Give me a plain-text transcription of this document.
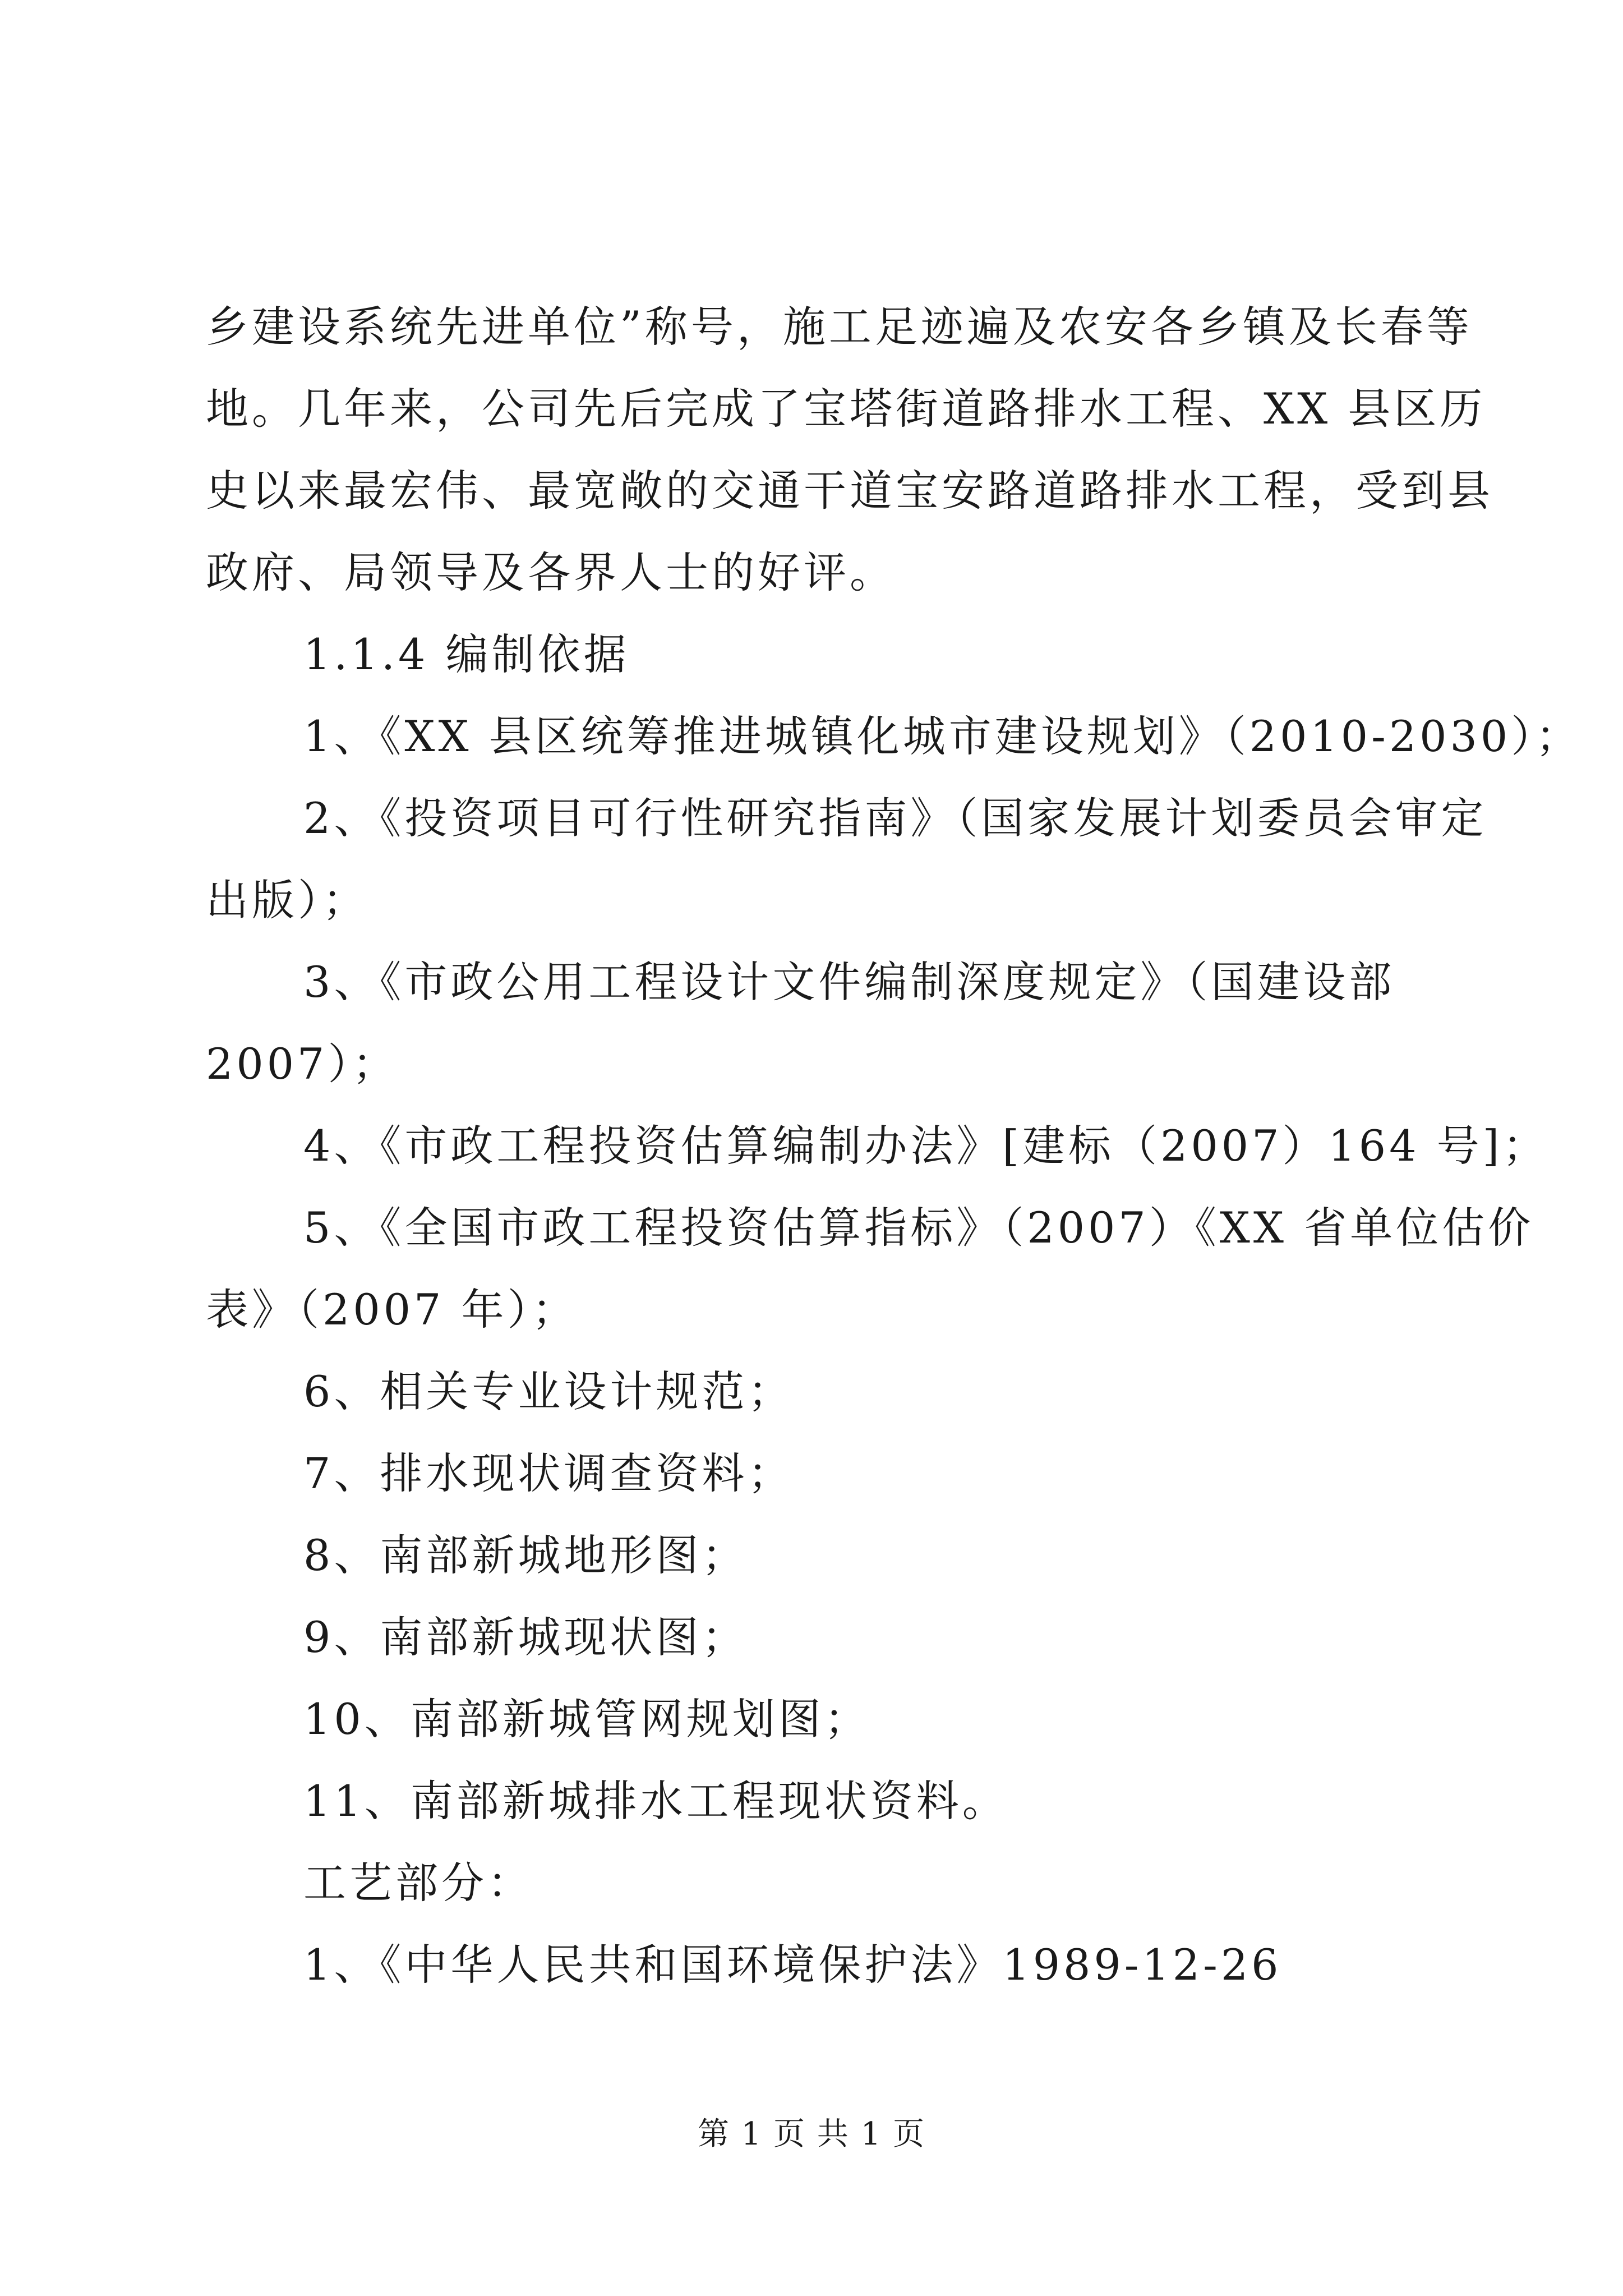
乡建设系统先进单位”称号，施工足迹遍及农安各乡镇及长春等
地。几年来，公司先后完成了宝塔街道路排水工程、XX 县区历
史以来最宏伟、最宽敞的交通干道宝安路道路排水工程，受到县
政府、局领导及各界人士的好评。
1.1.4 编制依据
1、《XX 县区统筹推进城镇化城市建设规划》（2010-2030）；
2、《投资项目可行性研究指南》（国家发展计划委员会审定
出版）；
3、《市政公用工程设计文件编制深度规定》（国建设部
2007）；
4、《市政工程投资估算编制办法》[建标（2007）164 号]；
5、《全国市政工程投资估算指标》（2007）《XX 省单位估价
表》（2007 年）；
6、相关专业设计规范；
7、排水现状调查资料；
8、南部新城地形图；
9、南部新城现状图；
10、南部新城管网规划图；
11、南部新城排水工程现状资料。
工艺部分：
1、《中华人民共和国环境保护法》1989-12-26
第 1 页 共 1 页
